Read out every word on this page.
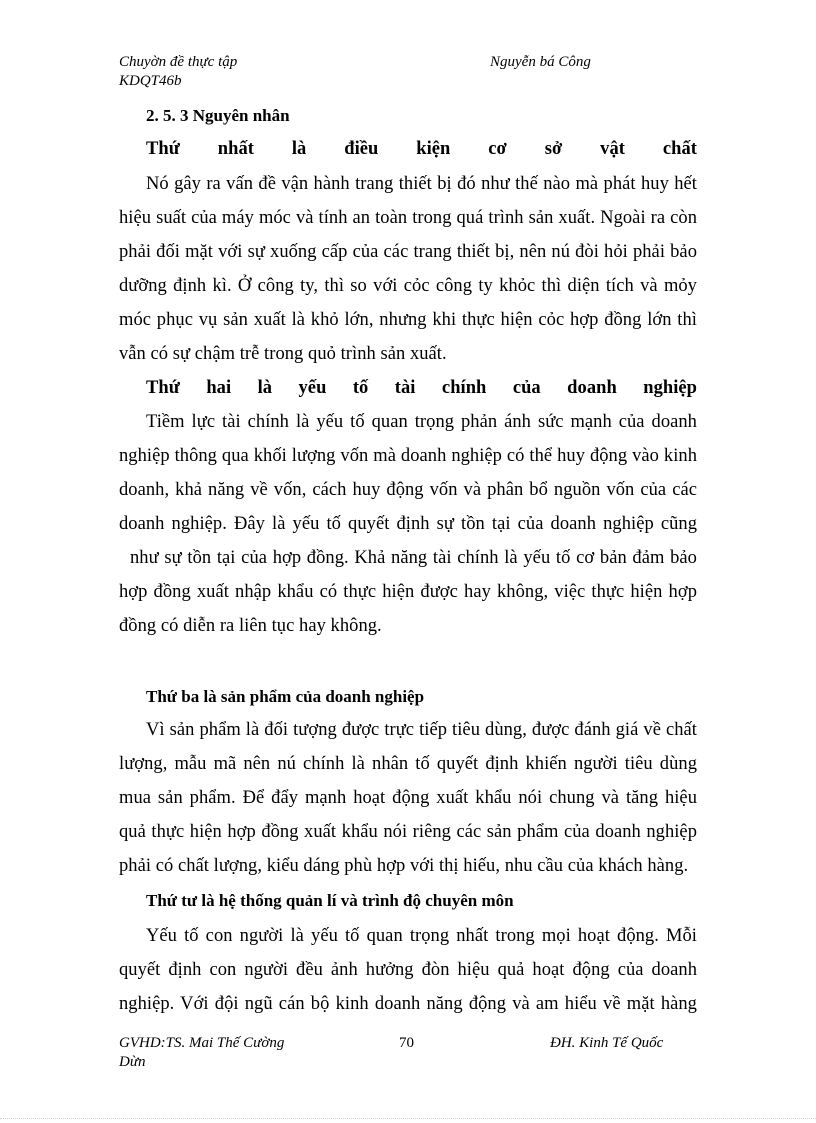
Chuyờn đề thực tập
KDQT46b
Nguyễn bá Công
2. 5. 3 Nguyên nhân
Thứ nhất là điều kiện cơ sở vật chất
Nó gây ra vấn đề vận hành trang thiết bị đó như thế nào mà phát huy hết
hiệu suất của máy móc và tính an toàn trong quá trình sản xuất. Ngoài ra còn
phải đối mặt với sự xuống cấp của các trang thiết bị, nên nú đòi hỏi phải bảo
dưỡng định kì. Ở công ty, thì so với cỏc công ty khỏc thì diện tích và mỏy
móc phục vụ sản xuất là khỏ lớn, nhưng khi thực hiện cỏc hợp đồng lớn thì
vẫn có sự chậm trễ trong quỏ trình sản xuất.
Thứ hai là yếu tố tài chính của doanh nghiệp
Tiềm lực tài chính là yếu tố quan trọng phản ánh sức mạnh của doanh
nghiệp thông qua khối lượng vốn mà doanh nghiệp có thể huy động vào kinh
doanh, khả năng về vốn, cách huy động vốn và phân bổ nguồn vốn của các
doanh nghiệp. Đây là yếu tố quyết định sự tồn tại của doanh nghiệp cũng
như sự tồn tại của hợp đồng. Khả năng tài chính là yếu tố cơ bản đảm bảo
hợp đồng xuất nhập khẩu có thực hiện được hay không, việc thực hiện hợp
đồng có diễn ra liên tục hay không.
Thứ ba là sản phẩm của doanh nghiệp
Vì sản phẩm là đối tượng được trực tiếp tiêu dùng, được đánh giá về chất
lượng, mẫu mã nên nú chính là nhân tố quyết định khiến người tiêu dùng
mua sản phẩm. Để đẩy mạnh hoạt động xuất khẩu nói chung và tăng hiệu
quả thực hiện hợp đồng xuất khẩu nói riêng các sản phẩm của doanh nghiệp
phải có chất lượng, kiểu dáng phù hợp với thị hiếu, nhu cầu của khách hàng.
Thứ tư là hệ thống quản lí và trình độ chuyên môn
Yếu tố con người là yếu tố quan trọng nhất trong mọi hoạt động. Mỗi
quyết định con người đều ảnh hưởng đòn hiệu quả hoạt động của doanh
nghiệp. Với đội ngũ cán bộ kinh doanh năng động và am hiểu về mặt hàng
GVHD:TS. Mai Thế Cường
Dừn
70	ĐH. Kinh Tế Quốc
